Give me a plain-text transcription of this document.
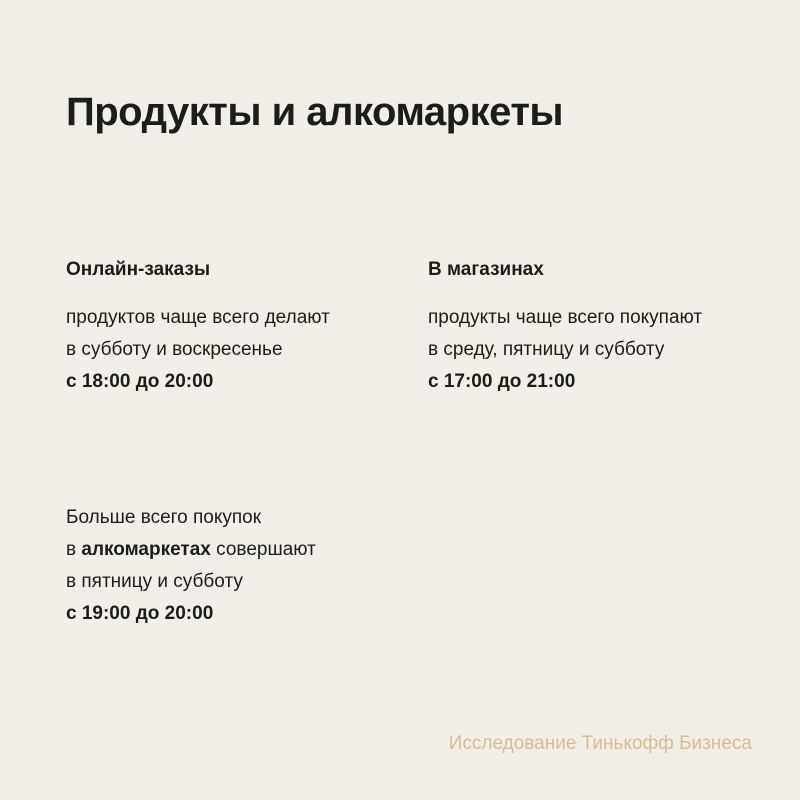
Продукты и алкомаркеты
Онлайн-заказы
продуктов чаще всего делают
в субботу и воскресенье
с 18:00 до 20:00
В магазинах
продукты чаще всего покупают
в среду, пятницу и субботу
с 17:00 до 21:00
Больше всего покупок
в алкомаркетах совершают
в пятницу и субботу
с 19:00 до 20:00
Исследование Тинькофф Бизнеса
